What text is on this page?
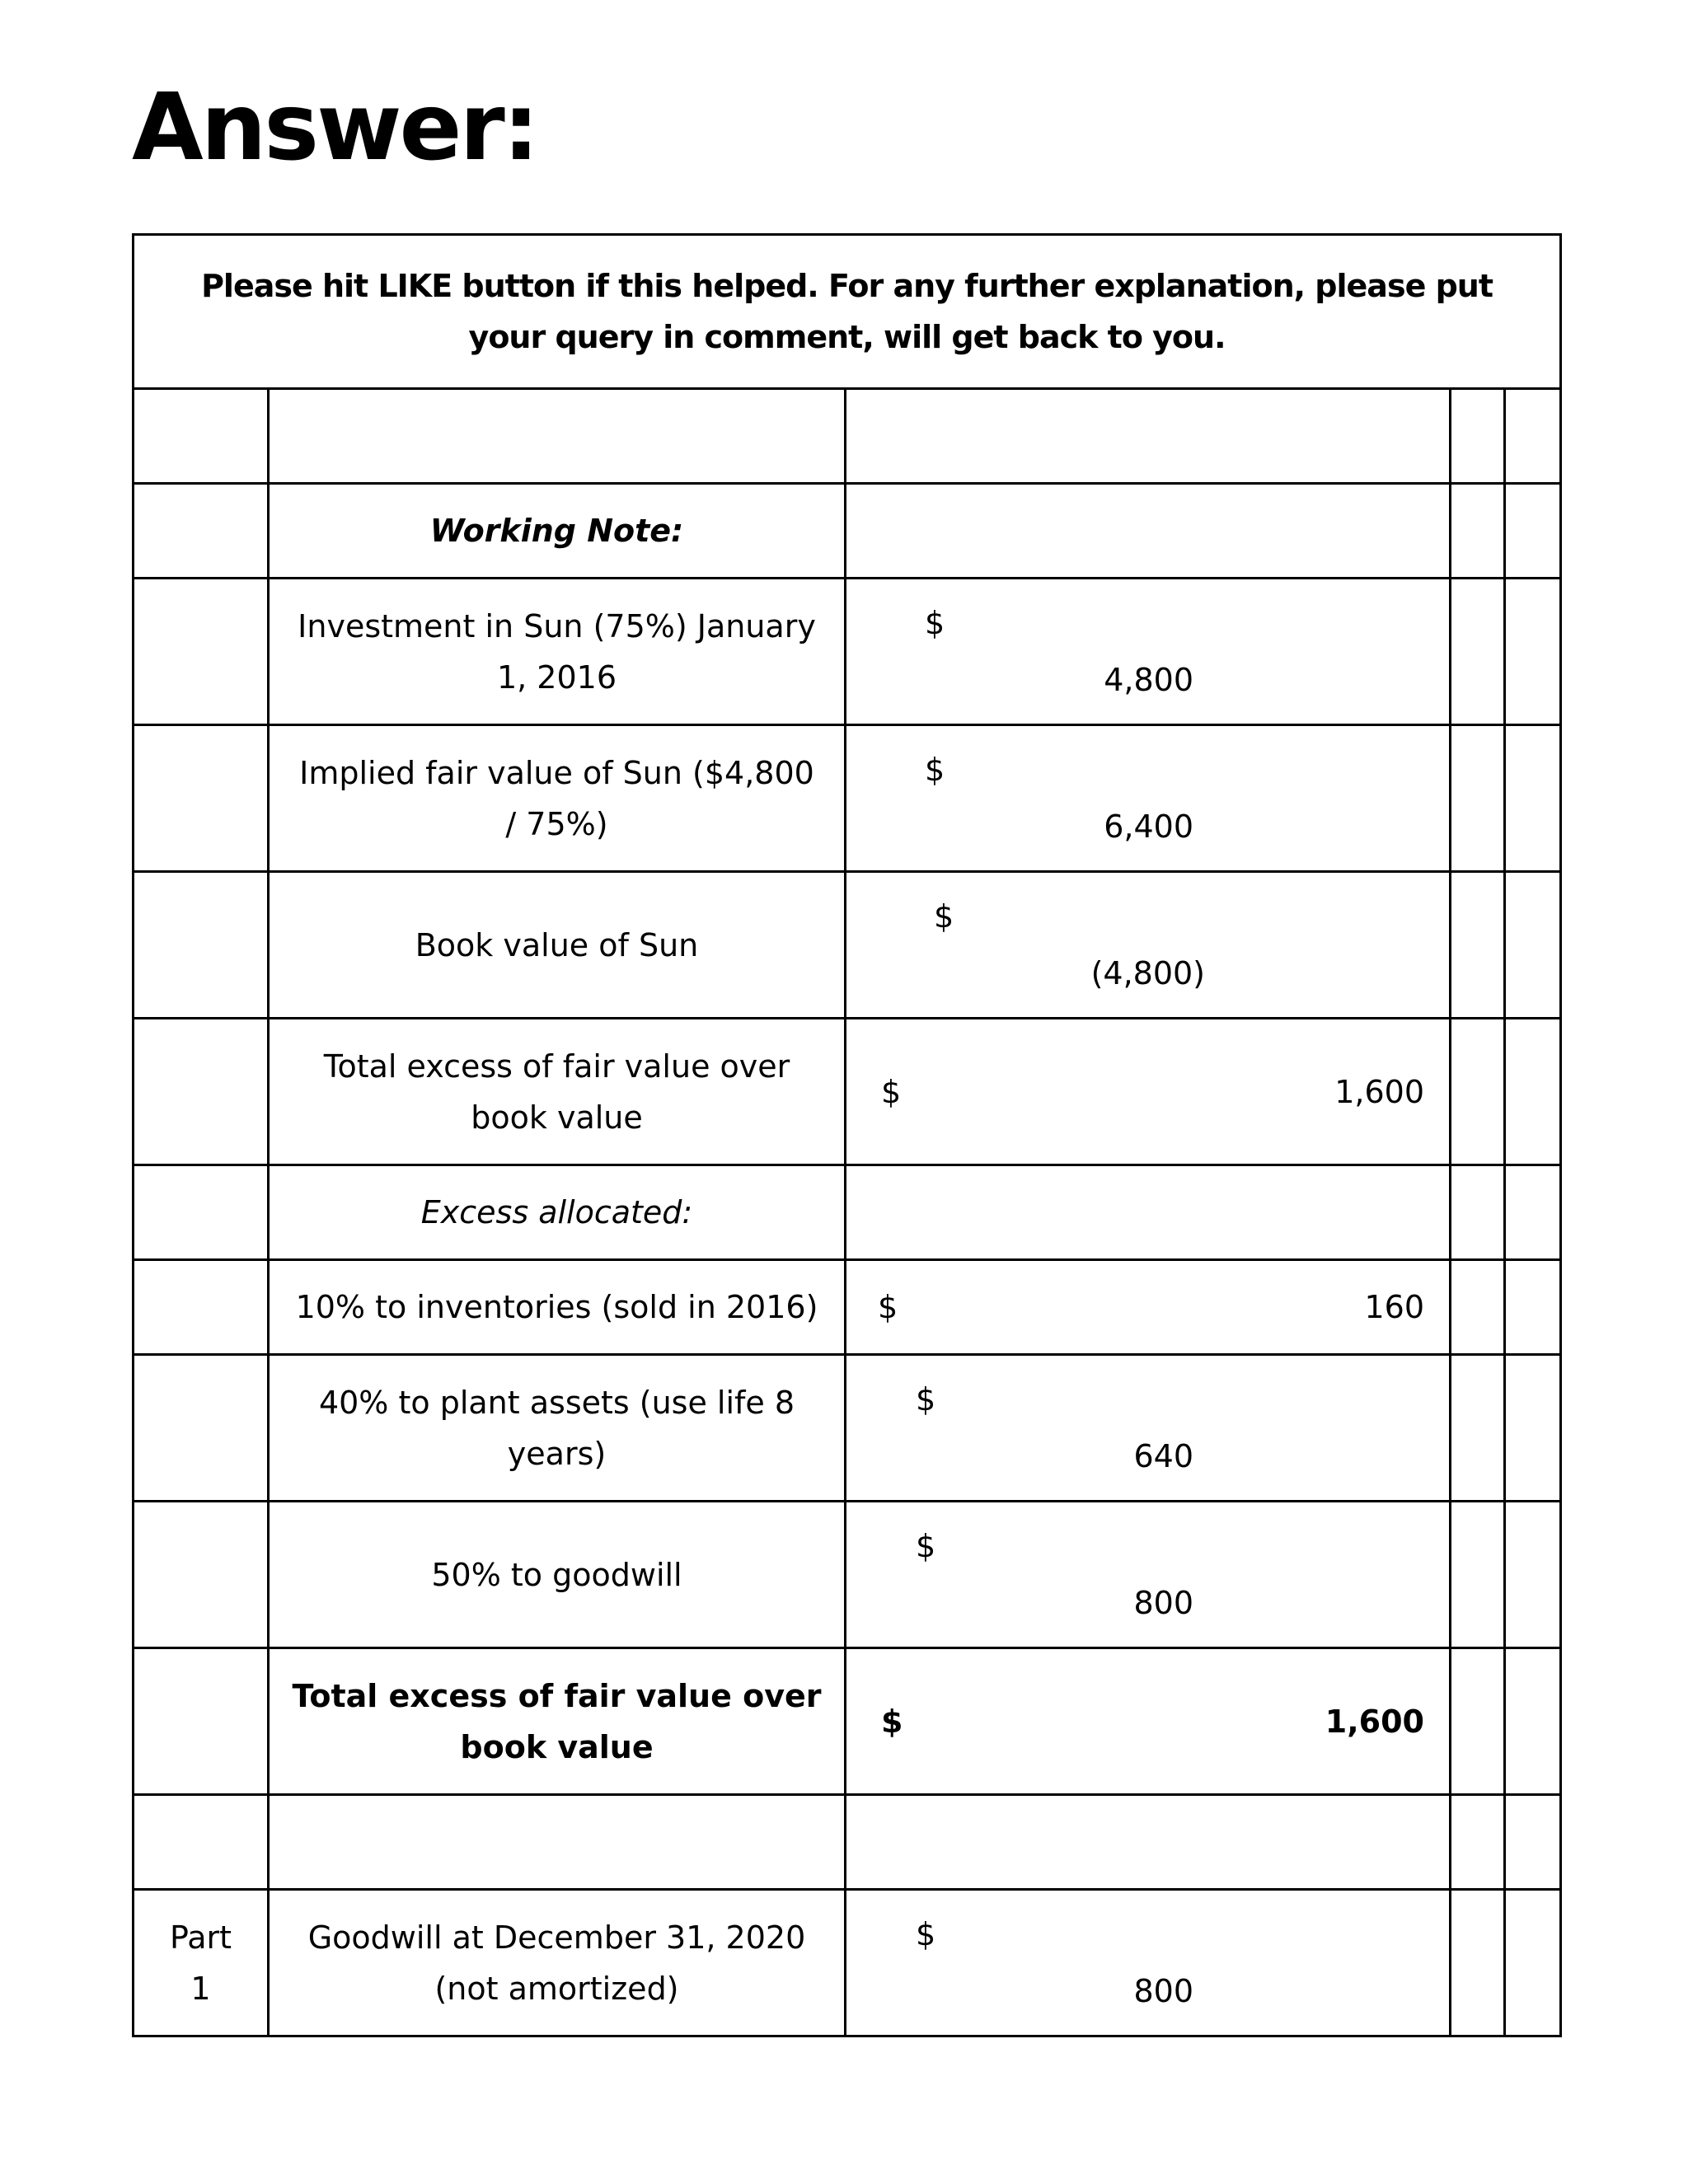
Answer:
Please hit LIKE button if this helped. For any further explanation, please put your query in comment, will get back to you.				

	Working Note:			
	Investment in Sun (75%) January 1, 2016	$
4,800		

	Implied fair value of Sun ($4,800 / 75%)	$
6,400		

	Book value of Sun	$
(4,800)		

	Total excess of fair value over book value	$ 1,600		

	Excess allocated:			
	10% to inventories (sold in 2016)	$ 160		

	40% to plant assets (use life 8 years)	$
640		

	50% to goodwill	$
800		

	Total excess of fair value over book value	$ 1,600		

Part 1	Goodwill at December 31, 2020 (not amortized)	$
800		
